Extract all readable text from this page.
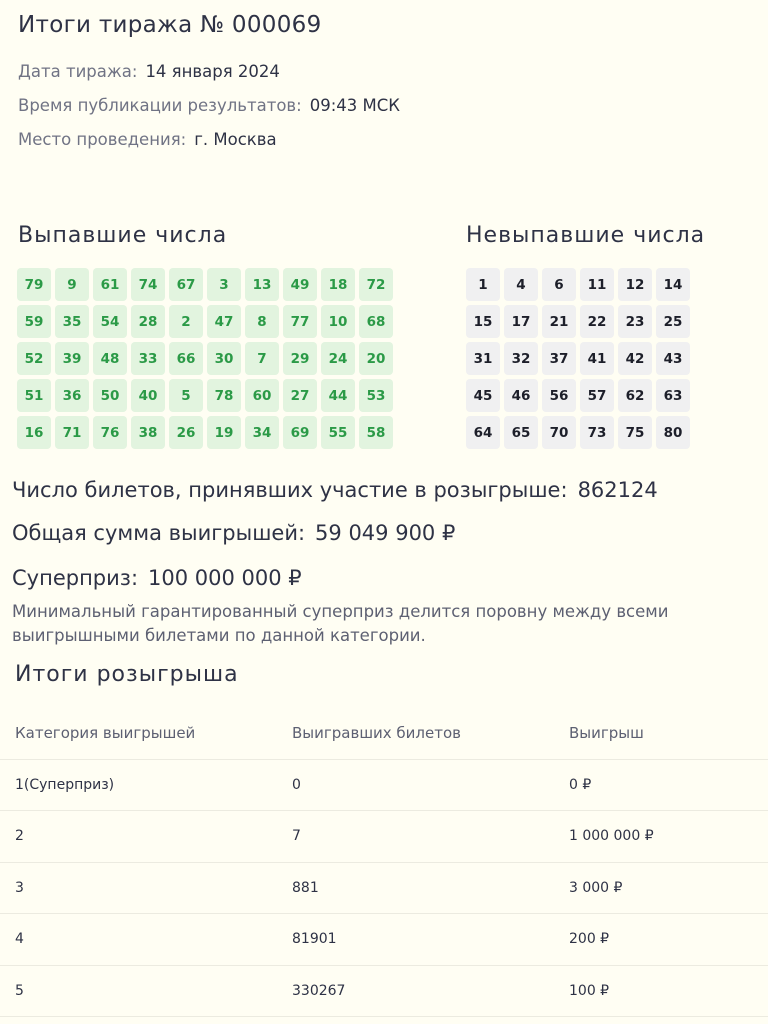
Итоги тиража № 000069
Дата тиража: 14 января 2024
Время публикации результатов: 09:43 МСК
Место проведения: г. Москва
Выпавшие числа	Невыпавшие числа
79	9	61	74	67	3	13	49	18	72
59	35	54	28	2	47	8	77	10	68
52	39	48	33	66	30	7	29	24	20
51	36	50	40	5	78	60	27	44	53
16	71	76	38	26	19	34	69	55	58
1	4	6	11	12	14
15	17	21	22	23	25
31	32	37	41	42	43
45	46	56	57	62	63
64	65	70	73	75	80
Число билетов, принявших участие в розыгрыше: 862124
Общая сумма выигрышей: 59 049 900 ₽
Суперприз: 100 000 000 ₽
Минимальный гарантированный суперприз делится поровну между всеми выигрышными билетами по данной категории.
Итоги розыгрыша
Категория выигрышей	Выигравших билетов	Выигрыш
1(Суперприз)	0	0 ₽
2	7	1 000 000 ₽
3	881	3 000 ₽
4	81901	200 ₽
5	330267	100 ₽
